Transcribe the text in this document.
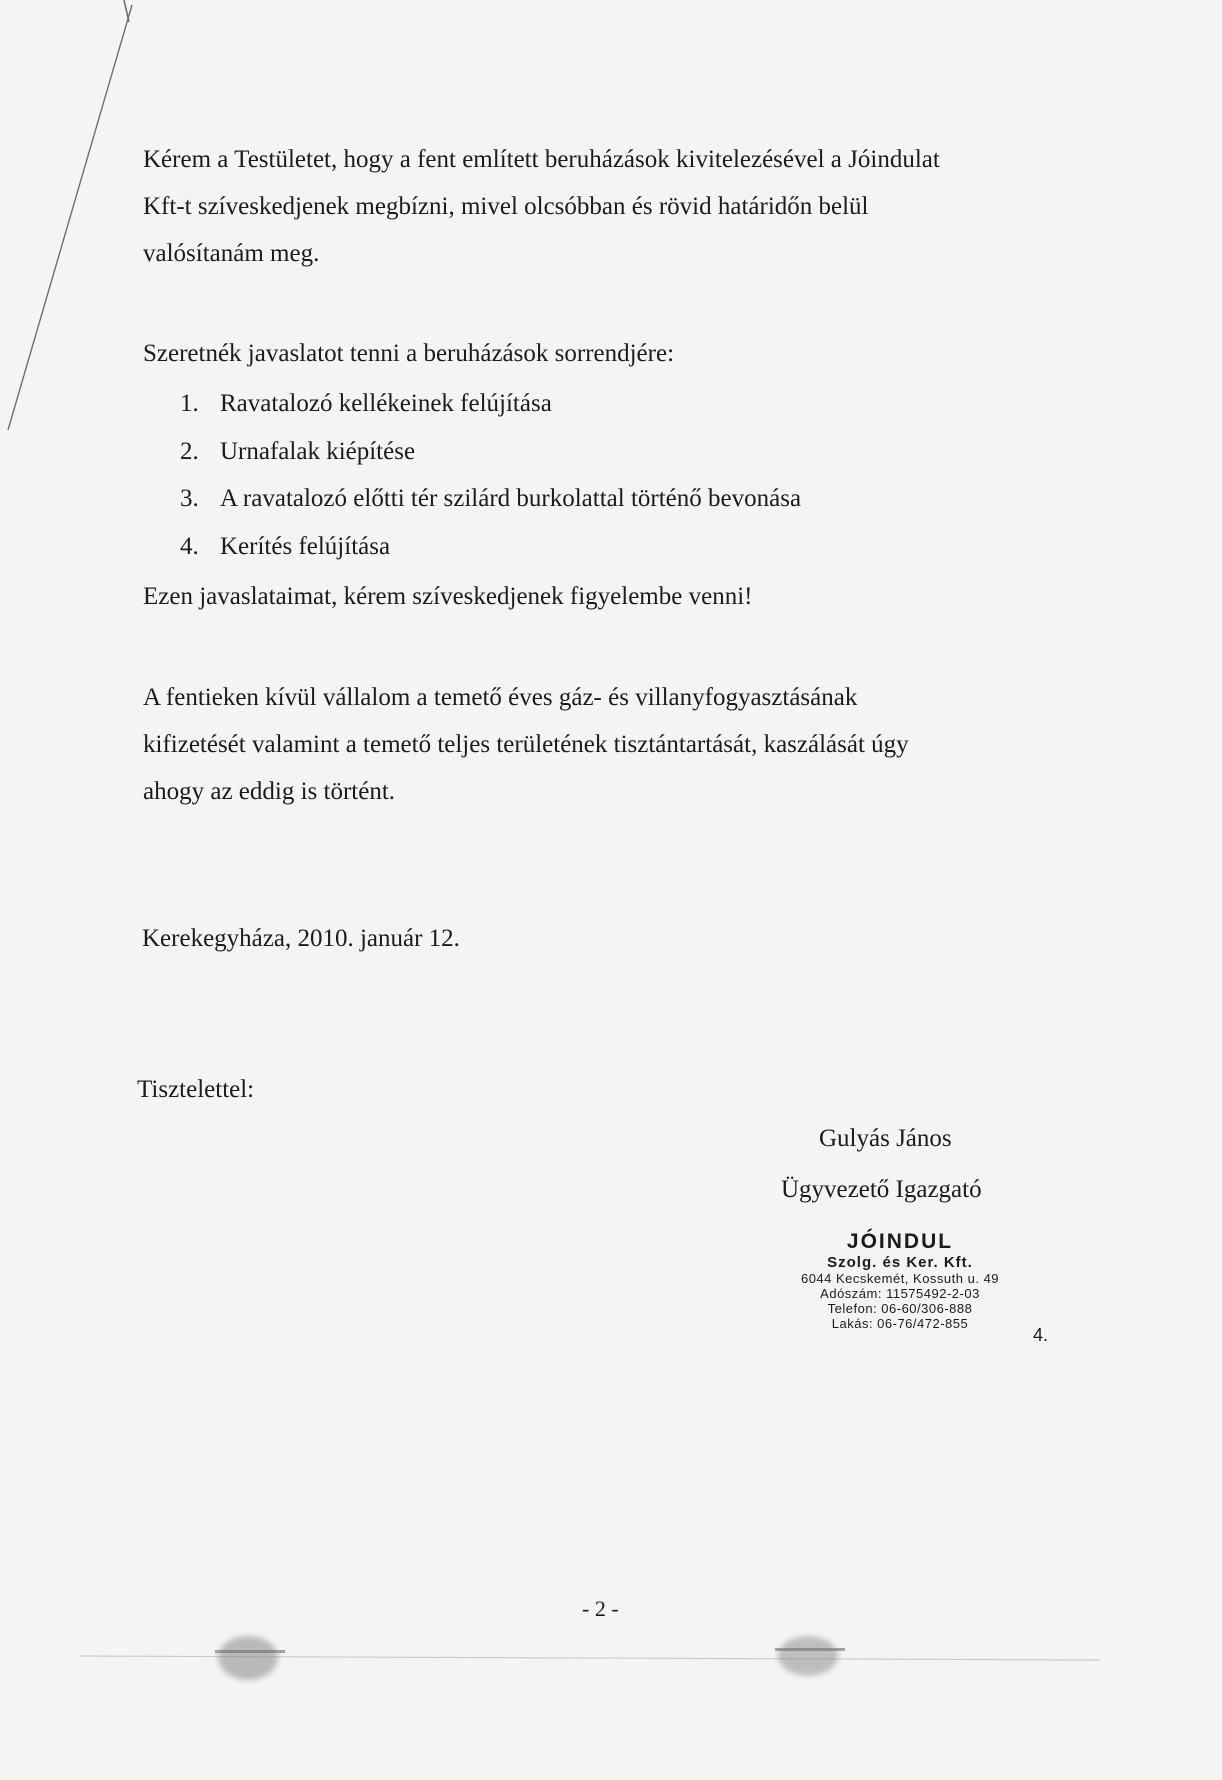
Kérem a Testületet, hogy a fent említett beruházások kivitelezésével a Jóindulat
Kft-t szíveskedjenek megbízni, mivel olcsóbban és rövid határidőn belül
valósítanám meg.
Szeretnék javaslatot tenni a beruházások sorrendjére:
1. Ravatalozó kellékeinek felújítása
2. Urnafalak kiépítése
3. A ravatalozó előtti tér szilárd burkolattal történő bevonása
4. Kerítés felújítása
Ezen javaslataimat, kérem szíveskedjenek figyelembe venni!
A fentieken kívül vállalom a temető éves gáz- és villanyfogyasztásának
kifizetését valamint a temető teljes területének tisztántartását, kaszálását úgy
ahogy az eddig is történt.
Kerekegyháza, 2010. január 12.
Tisztelettel:
Gulyás János
Ügyvezető Igazgató
JÓINDUL
Szolg. és Ker. Kft.
6044 Kecskemét, Kossuth u. 49
Adószám: 11575492-2-03
Telefon: 06-60/306-888
Lakás: 06-76/472-855
4.
- 2 -
